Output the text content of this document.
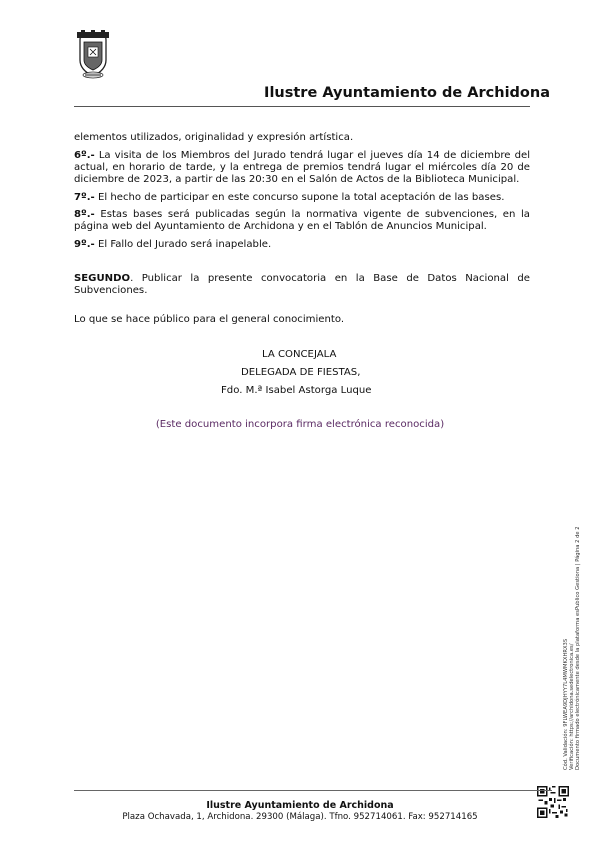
Ilustre Ayuntamiento de Archidona
elementos utilizados, originalidad y expresión artística.
6º.- La visita de los Miembros del Jurado tendrá lugar el jueves día 14 de diciembre del actual, en horario de tarde, y la entrega de premios tendrá lugar el miércoles día 20 de diciembre de 2023, a partir de las 20:30 en el Salón de Actos de la Biblioteca Municipal.
7º.- El hecho de participar en este concurso supone la total aceptación de las bases.
8º.- Estas bases será publicadas según la normativa vigente de subvenciones, en la página web del Ayuntamiento de Archidona y en el Tablón de Anuncios Municipal.
9º.- El Fallo del Jurado será inapelable.
SEGUNDO. Publicar la presente convocatoria en la Base de Datos Nacional de Subvenciones.
Lo que se hace público para el general conocimiento.
LA CONCEJALA
DELEGADA DE FIESTAS,
Fdo. M.ª Isabel Astorga Luque
(Este documento incorpora firma electrónica reconocida)
Cód. Validación: 9FLWEA9DJHYY7L4MWMKXHRX3S Verificación: https://archidona.sedelectronica.es/ Documento firmado electrónicamente desde la plataforma esPublico Gestiona | Página 2 de 2
Ilustre Ayuntamiento de Archidona
Plaza Ochavada, 1, Archidona. 29300 (Málaga). Tfno. 952714061. Fax: 952714165
